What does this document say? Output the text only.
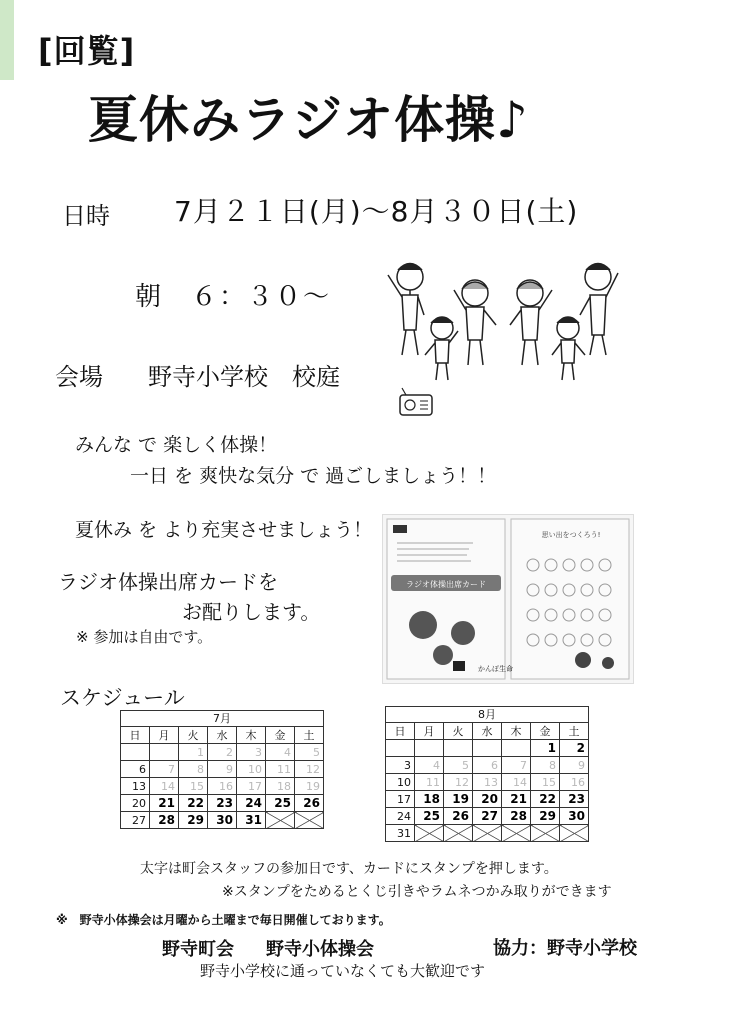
[回覧]
夏休みラジオ体操♪
日時 7月２１日(月)～8月３０日(土)
朝　６：３０～
会場 野寺小学校　校庭
みんな で 楽しく体操！
一日 を 爽快な気分 で 過ごしましょう！！
夏休み を より充実させましょう！
ラジオ体操出席カードを
お配りします。
※ 参加は自由です。
ラジオ体操出席カード
思い出をつくろう!
かんぽ生命
スケジュール
7月
日	月	火	水	木	金	土
		1	2	3	4	5
6	7	8	9	10	11	12
13	14	15	16	17	18	19
20	21	22	23	24	25	26
27	28	29	30	31		
8月
日	月	火	水	木	金	土
					1	2
3	4	5	6	7	8	9
10	11	12	13	14	15	16
17	18	19	20	21	22	23
24	25	26	27	28	29	30
31						
太字は町会スタッフの参加日です、カードにスタンプを押します。
※スタンプをためるとくじ引きやラムネつかみ取りができます
※　野寺小体操会は月曜から土曜まで毎日開催しております。
野寺町会 野寺小体操会	協力：野寺小学校
野寺小学校に通っていなくても大歓迎です
